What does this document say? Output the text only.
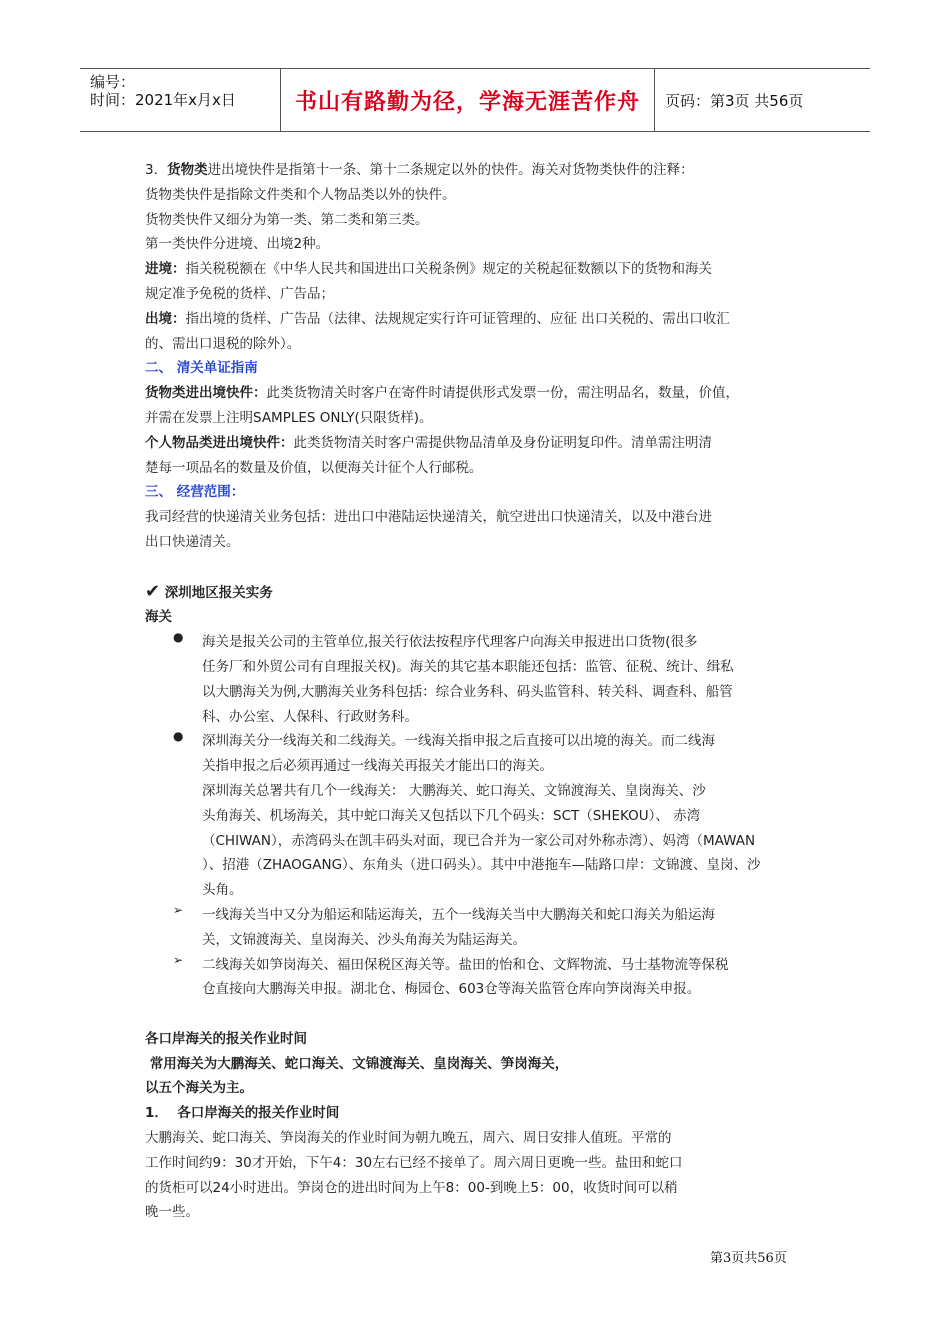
编号：
时间：2021年x月x日	书山有路勤为径，学海无涯苦作舟 页码：第3页 共56页

3．货物类进出境快件是指第十一条、第十二条规定以外的快件。海关对货物类快件的注释：

货物类快件是指除文件类和个人物品类以外的快件。

货物类快件又细分为第一类、第二类和第三类。

第一类快件分进境、出境2种。

进境：指关税税额在《中华人民共和国进出口关税条例》规定的关税起征数额以下的货物和海关

规定准予免税的货样、广告品；

出境：指出境的货样、广告品（法律、法规规定实行许可证管理的、应征 出口关税的、需出口收汇

的、需出口退税的除外）。

二、 清关单证指南

货物类进出境快件：此类货物清关时客户在寄件时请提供形式发票一份，需注明品名，数量，价值，

并需在发票上注明SAMPLES ONLY(只限货样)。

个人物品类进出境快件：此类货物清关时客户需提供物品清单及身份证明复印件。清单需注明清

楚每一项品名的数量及价值，以便海关计征个人行邮税。

三、 经营范围：

我司经营的快递清关业务包括：进出口中港陆运快递清关，航空进出口快递清关，以及中港台进

出口快递清关。

✔ 深圳地区报关实务

海关

● 海关是报关公司的主管单位,报关行依法按程序代理客户向海关申报进出口货物(很多

任务厂和外贸公司有自理报关权)。海关的其它基本职能还包括：监管、征税、统计、缉私

以大鹏海关为例,大鹏海关业务科包括：综合业务科、码头监管科、转关科、调查科、船管

科、办公室、人保科、行政财务科。

● 深圳海关分一线海关和二线海关。一线海关指申报之后直接可以出境的海关。而二线海

关指申报之后必须再通过一线海关再报关才能出口的海关。

深圳海关总署共有几个一线海关： 大鹏海关、蛇口海关、文锦渡海关、皇岗海关、沙

头角海关、机场海关，其中蛇口海关又包括以下几个码头：SCT（SHEKOU）、 赤湾

（CHIWAN），赤湾码头在凯丰码头对面，现已合并为一家公司对外称赤湾）、妈湾（MAWAN

）、招港（ZHAOGANG）、东角头（进口码头）。其中中港拖车—陆路口岸：文锦渡、皇岗、沙

头角。

➢ 一线海关当中又分为船运和陆运海关，五个一线海关当中大鹏海关和蛇口海关为船运海

关，文锦渡海关、皇岗海关、沙头角海关为陆运海关。

➢ 二线海关如笋岗海关、福田保税区海关等。盐田的怡和仓、文辉物流、马士基物流等保税

仓直接向大鹏海关申报。湖北仓、梅园仓、603仓等海关监管仓库向笋岗海关申报。

各口岸海关的报关作业时间

常用海关为大鹏海关、蛇口海关、文锦渡海关、皇岗海关、笋岗海关，

以五个海关为主。

1．  各口岸海关的报关作业时间

大鹏海关、蛇口海关、笋岗海关的作业时间为朝九晚五，周六、周日安排人值班。平常的

工作时间约9：30才开始，下午4：30左右已经不接单了。周六周日更晚一些。盐田和蛇口

的货柜可以24小时进出。笋岗仓的进出时间为上午8：00-到晚上5：00，收货时间可以稍

晚一些。

第3页共56页
